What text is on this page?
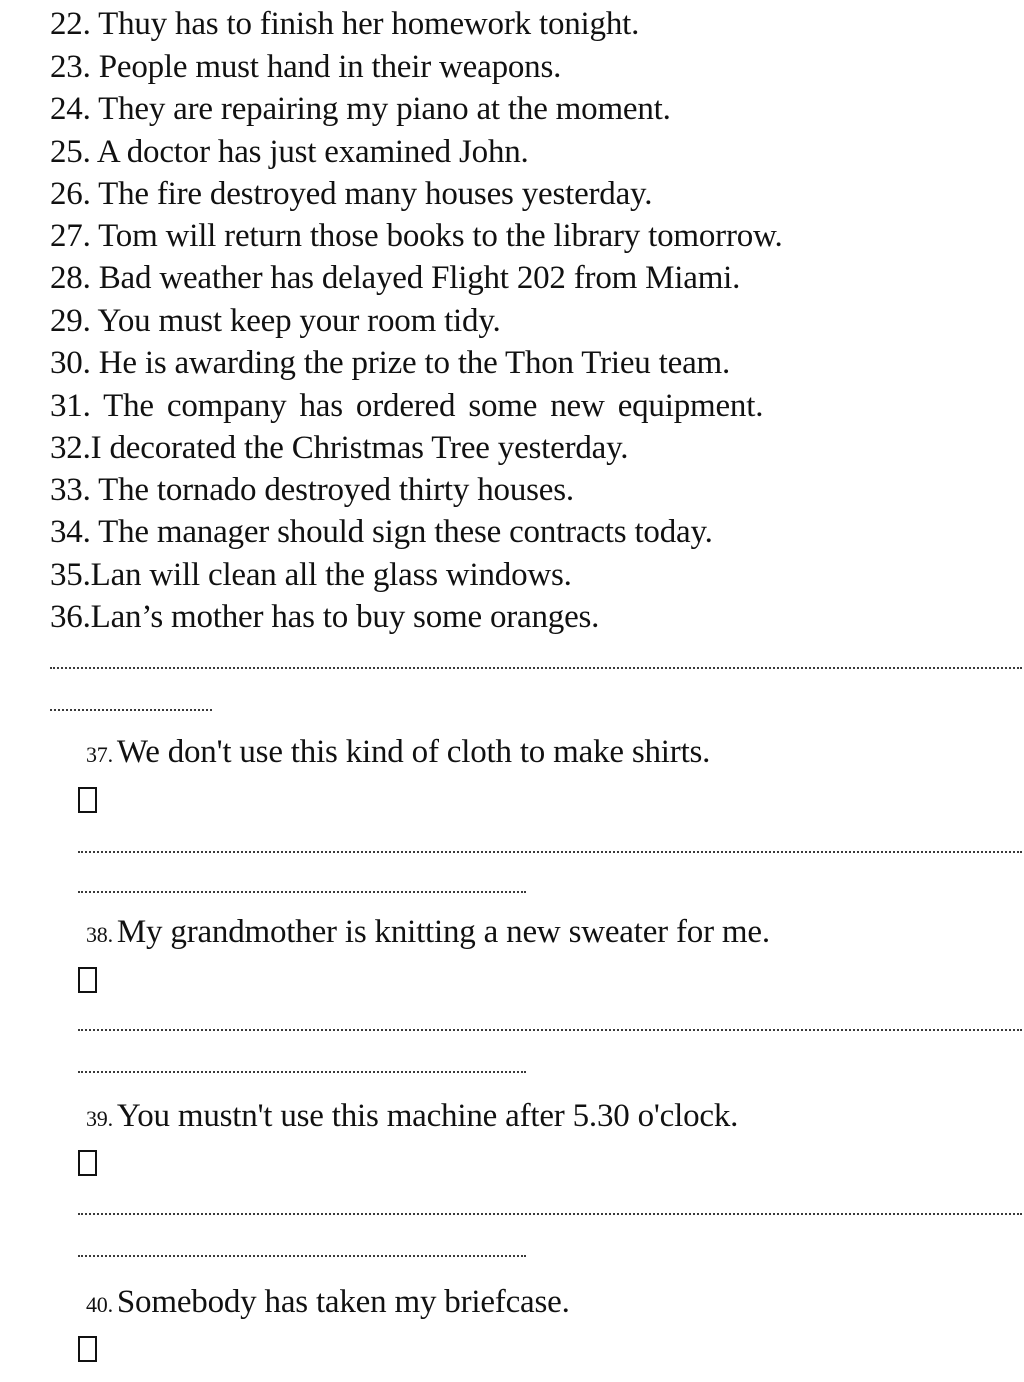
22. Thuy has to finish her homework tonight.
23. People must hand in their weapons.
24. They are repairing my piano at the moment.
25. A doctor has just examined John.
26. The fire destroyed many houses yesterday.
27. Tom will return those books to the library tomorrow.
28. Bad weather has delayed Flight 202 from Miami.
29. You must keep your room tidy.
30. He is awarding the prize to the Thon Trieu team.
31. The company has ordered some new equipment.
32.I decorated the Christmas Tree yesterday.
33. The tornado destroyed thirty houses.
34. The manager should sign these contracts today.
35.Lan will clean all the glass windows.
36.Lan’s mother has to buy some oranges.
37. We don't use this kind of cloth to make shirts.
38. My grandmother is knitting a new sweater for me.
39. You mustn't use this machine after 5.30 o'clock.
40. Somebody has taken my briefcase.
